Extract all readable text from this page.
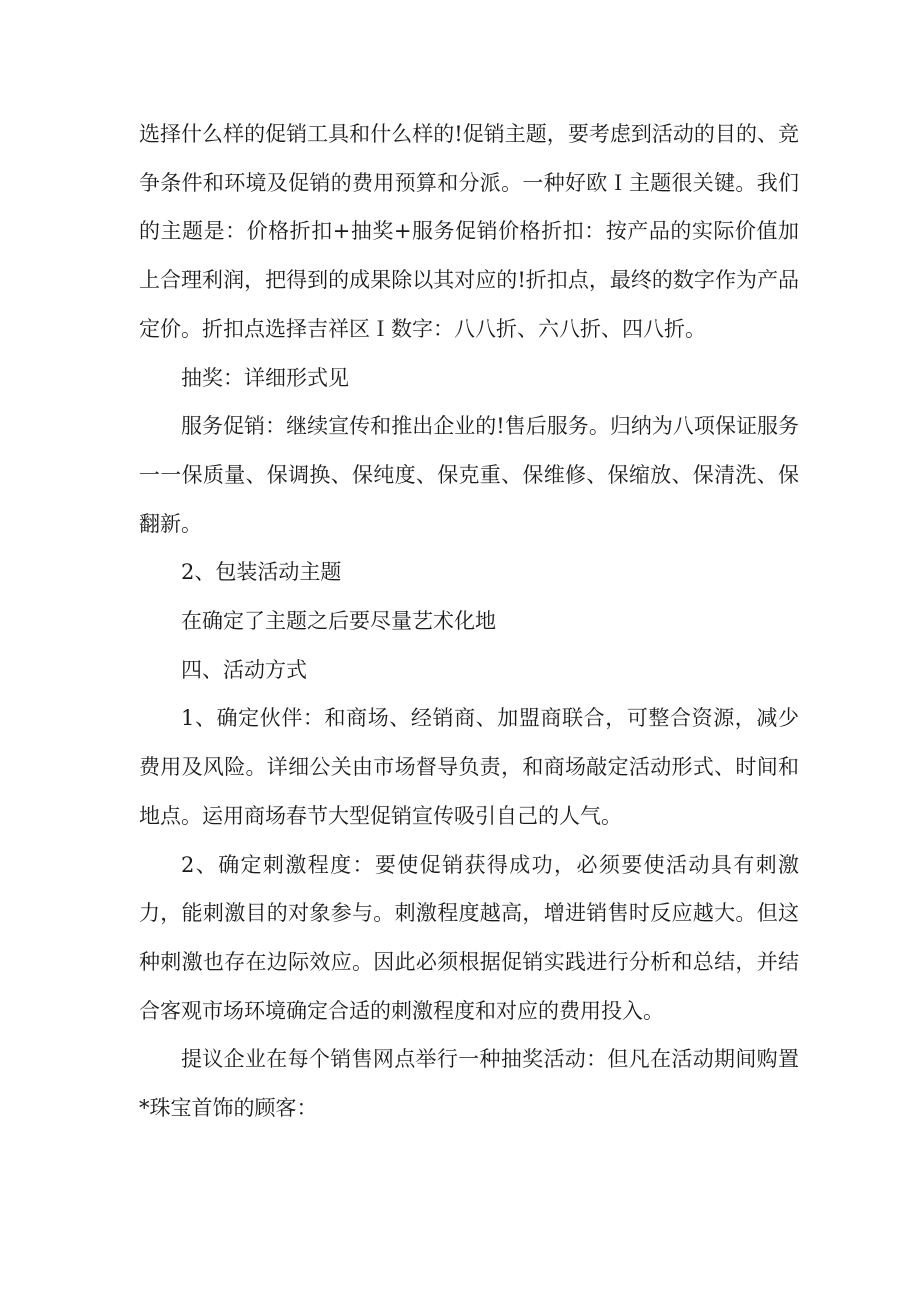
选择什么样的促销工具和什么样的!促销主题，要考虑到活动的目的、竞争条件和环境及促销的费用预算和分派。一种好欧Ｉ主题很关键。我们的主题是：价格折扣+抽奖+服务促销价格折扣：按产品的实际价值加上合理利润，把得到的成果除以其对应的!折扣点，最终的数字作为产品定价。折扣点选择吉祥区Ｉ数字：八八折、六八折、四八折。

抽奖：详细形式见

服务促销：继续宣传和推出企业的!售后服务。归纳为八项保证服务一一保质量、保调换、保纯度、保克重、保维修、保缩放、保清洗、保翻新。

2、包装活动主题

在确定了主题之后要尽量艺术化地

四、活动方式

1、确定伙伴：和商场、经销商、加盟商联合，可整合资源，减少费用及风险。详细公关由市场督导负责，和商场敲定活动形式、时间和地点。运用商场春节大型促销宣传吸引自己的人气。

2、确定刺激程度：要使促销获得成功，必须要使活动具有刺激力，能刺激目的对象参与。刺激程度越高，增进销售时反应越大。但这种刺激也存在边际效应。因此必须根据促销实践进行分析和总结，并结合客观市场环境确定合适的刺激程度和对应的费用投入。

提议企业在每个销售网点举行一种抽奖活动：但凡在活动期间购置*珠宝首饰的顾客：
